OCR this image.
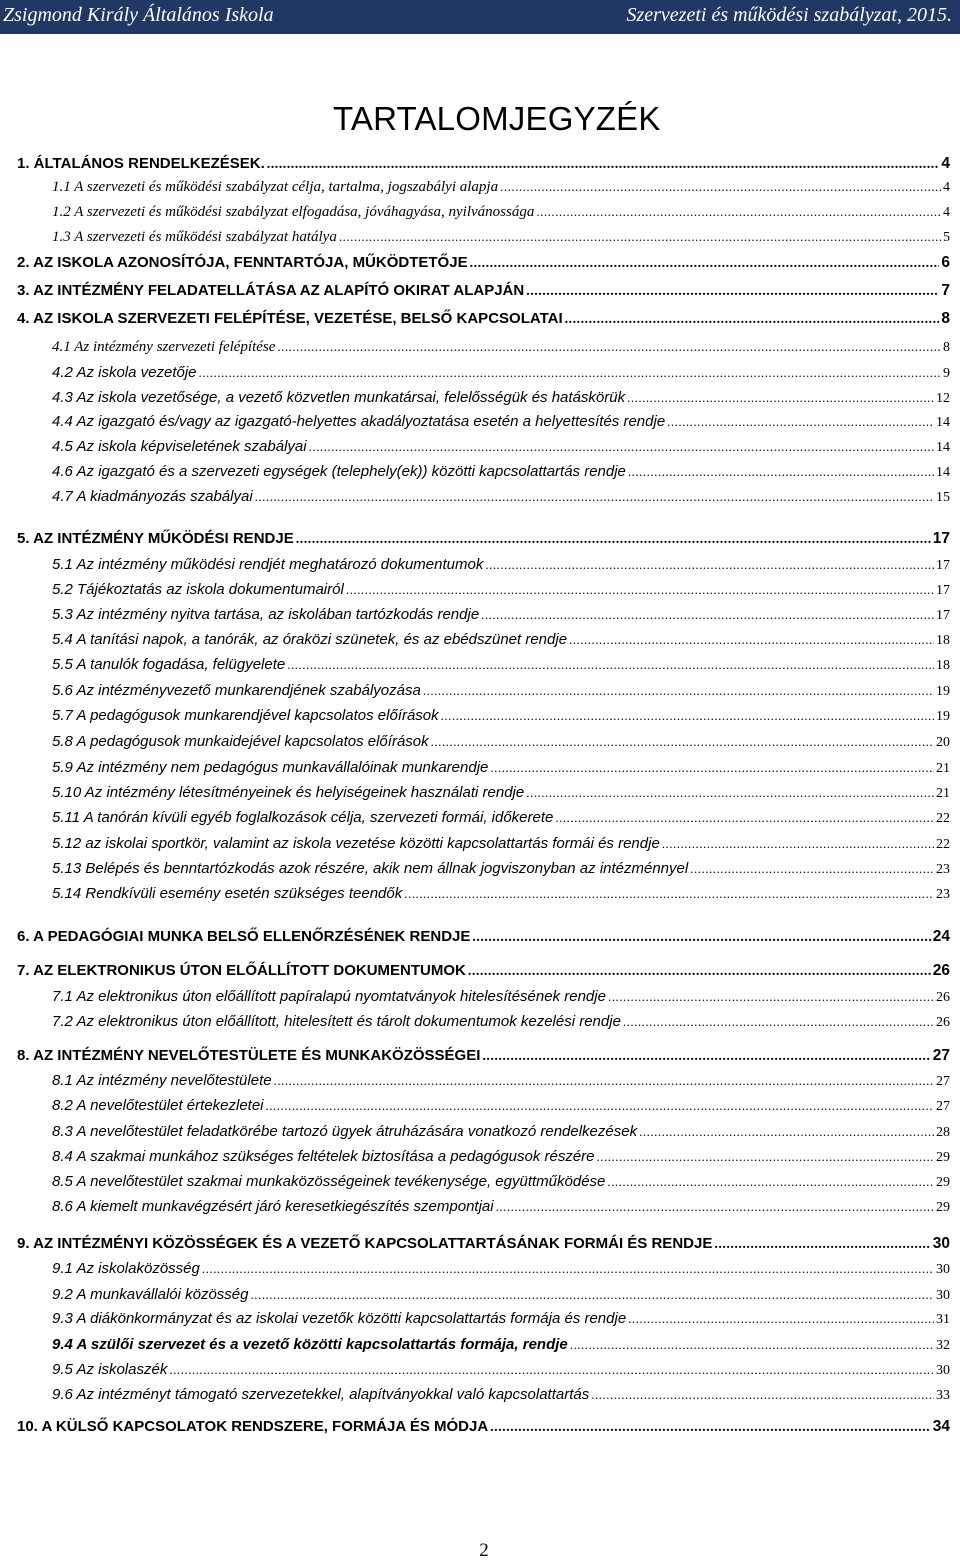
Zsigmond Király Általános Iskola	Szervezeti és működési szabályzat, 2015.
TARTALOMJEGYZÉK
1. ÁLTALÁNOS RENDELKEZÉSEK. .....	4
1.1 A szervezeti és működési szabályzat célja, tartalma, jogszabályi alapja .....	4
1.2 A szervezeti és működési szabályzat elfogadása, jóváhagyása, nyilvánossága .....	4
1.3 A szervezeti és működési szabályzat hatálya .....	5
2. AZ ISKOLA AZONOSÍTÓJA, FENNTARTÓJA, MŰKÖDTETŐJE .....	6
3. AZ INTÉZMÉNY FELADATELLÁTÁSA AZ ALAPÍTÓ OKIRAT ALAPJÁN .....	7
4. AZ ISKOLA SZERVEZETI FELÉPÍTÉSE, VEZETÉSE, BELSŐ KAPCSOLATAI .....	8
4.1 Az intézmény szervezeti felépítése .....	8
4.2 Az iskola vezetője .....	9
4.3 Az iskola vezetősége, a vezető közvetlen munkatársai, felelősségük és hatáskörük .....	12
4.4 Az igazgató és/vagy az igazgató-helyettes akadályoztatása esetén a helyettesítés rendje .....	14
4.5 Az iskola képviseletének szabályai .....	14
4.6 Az igazgató és a szervezeti egységek (telephely(ek)) közötti kapcsolattartás rendje .....	14
4.7 A kiadmányozás szabályai .....	15
5. AZ INTÉZMÉNY MŰKÖDÉSI RENDJE .....	17
5.1 Az intézmény működési rendjét meghatározó dokumentumok .....	17
5.2 Tájékoztatás az iskola dokumentumairól .....	17
5.3 Az intézmény nyitva tartása, az iskolában tartózkodás rendje .....	17
5.4 A tanítási napok, a tanórák, az óraközi szünetek, és az ebédszünet rendje .....	18
5.5 A tanulók fogadása, felügyelete .....	18
5.6 Az intézményvezető munkarendjének szabályozása .....	19
5.7 A pedagógusok munkarendjével kapcsolatos előírások .....	19
5.8 A pedagógusok munkaidejével kapcsolatos előírások .....	20
5.9 Az intézmény nem pedagógus munkavállalóinak munkarendje .....	21
5.10 Az intézmény létesítményeinek és helyiségeinek használati rendje .....	21
5.11 A tanórán kívüli egyéb foglalkozások célja, szervezeti formái, időkerete .....	22
5.12 az iskolai sportkör, valamint az iskola vezetése közötti kapcsolattartás formái és rendje .....	22
5.13 Belépés és benntartózkodás azok részére, akik nem állnak jogviszonyban az intézménnyel .....	23
5.14 Rendkívüli esemény esetén szükséges teendők .....	23
6. A PEDAGÓGIAI MUNKA BELSŐ ELLENŐRZÉSÉNEK RENDJE .....	24
7. AZ ELEKTRONIKUS ÚTON ELŐÁLLÍTOTT DOKUMENTUMOK .....	26
7.1 Az elektronikus úton előállított papíralapú nyomtatványok hitelesítésének rendje .....	26
7.2 Az elektronikus úton előállított, hitelesített és tárolt dokumentumok kezelési rendje .....	26
8. AZ INTÉZMÉNY NEVELŐTESTÜLETE ÉS MUNKAKÖZÖSSÉGEI .....	27
8.1 Az intézmény nevelőtestülete .....	27
8.2 A nevelőtestület értekezletei .....	27
8.3 A nevelőtestület feladatkörébe tartozó ügyek átruházására vonatkozó rendelkezések .....	28
8.4 A szakmai munkához szükséges feltételek biztosítása a pedagógusok részére .....	29
8.5 A nevelőtestület szakmai munkaközösségeinek tevékenysége, együttműködése .....	29
8.6 A kiemelt munkavégzésért járó keresetkiegészítés szempontjai .....	29
9. AZ INTÉZMÉNYI KÖZÖSSÉGEK ÉS A VEZETŐ KAPCSOLATTARTÁSÁNAK FORMÁI ÉS RENDJE .....	30
9.1 Az iskolaközösség .....	30
9.2 A munkavállalói közösség .....	30
9.3 A diákönkormányzat és az iskolai vezetők közötti kapcsolattartás formája és rendje .....	31
9.4 A szülői szervezet és a vezető közötti kapcsolattartás formája, rendje .....	32
9.5 Az iskolaszék .....	30
9.6 Az intézményt támogató szervezetekkel, alapítványokkal való kapcsolattartás .....	33
10. A KÜLSŐ KAPCSOLATOK RENDSZERE, FORMÁJA ÉS MÓDJA .....	34
2
